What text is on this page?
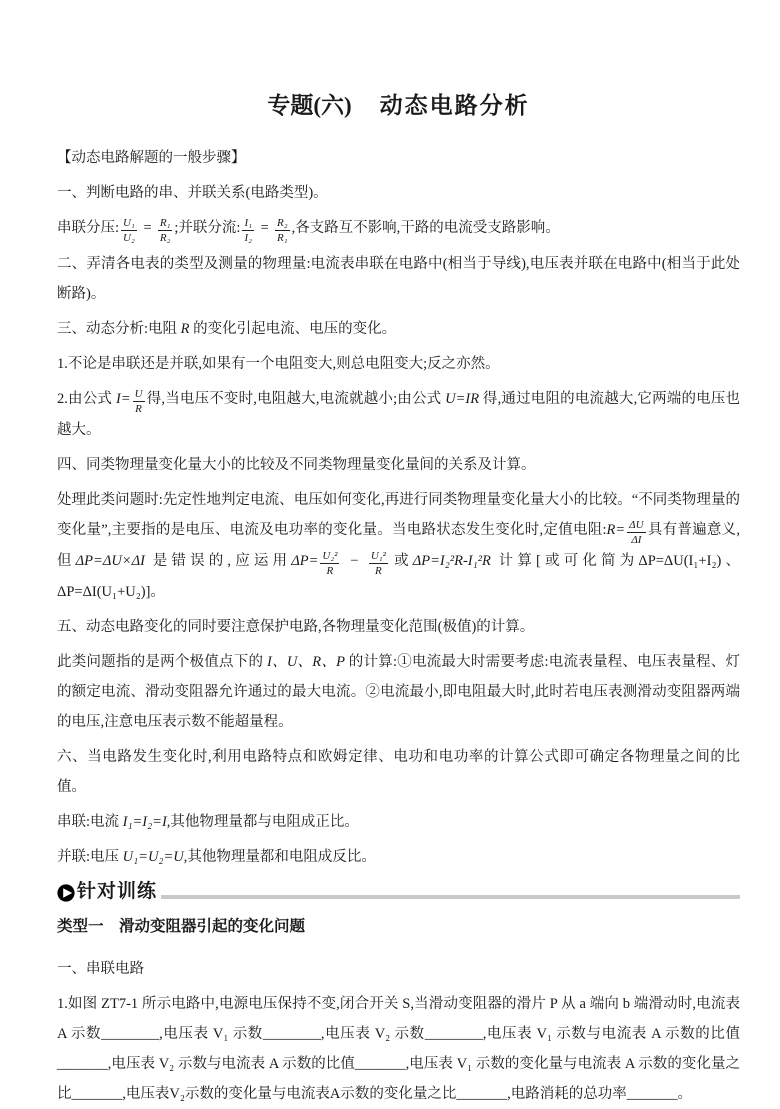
专题(六) 动态电路分析

【动态电路解题的一般步骤】

一、判断电路的串、并联关系(电路类型)。

串联分压: $\frac{\text{U₁}}{\text{U₂}} = \frac{\text{R₁}}{\text{R₂}}$ ;并联分流: $\frac{\text{I₁}}{\text{I₂}} = \frac{\text{R₂}}{\text{R₁}}$ ,各支路互不影响,干路的电流受支路影响。

二、弄清各电表的类型及测量的物理量:电流表串联在电路中(相当于导线),电压表并联在电路中(相当于此处断路)。

三、动态分析:电阻 R 的变化引起电流、电压的变化。

1.不论是串联还是并联,如果有一个电阻变大,则总电阻变大;反之亦然。

2.由公式 $I= \frac{U}{R}$ 得,当电压不变时,电阻越大,电流就越小;由公式 U=IR 得,通过电阻的电流越大,它两端的电压也越大。

四、同类物理量变化量大小的比较及不同类物理量变化量间的关系及计算。

处理此类问题时:先定性地判定电流、电压如何变化,再进行同类物理量变化量大小的比较。“不同类物理量的变化量”,主要指的是电压、电流及电功率的变化量。当电路状态发生变化时,定值电阻:R= $\frac{\Delta U}{\Delta I}$ 具有普遍意义,但ΔP=ΔU×ΔI 是错误的,应运用$\Delta P= \frac{\text{U₂²}}{R} - \frac{\text{U₁²}}{R}$ 或ΔP=I₂²R-I₁²R 计算[或可化简为ΔP=ΔU(I₁+I₂)、ΔP=ΔI(U₁+U₂)]。

五、动态电路变化的同时要注意保护电路,各物理量变化范围(极值)的计算。

此类问题指的是两个极值点下的 I、U、R、P 的计算:①电流最大时需要考虑:电流表量程、电压表量程、灯的额定电流、滑动变阻器允许通过的最大电流。②电流最小,即电阻最大时,此时若电压表测滑动变阻器两端的电压,注意电压表示数不能超量程。

六、当电路发生变化时,利用电路特点和欧姆定律、电功和电功率的计算公式即可确定各物理量之间的比值。

串联:电流 I₁=I₂=I,其他物理量都与电阻成正比。

并联:电压 U₁=U₂=U,其他物理量都和电阻成反比。

针对训练
类型一　滑动变阻器引起的变化问题

一、串联电路

1.如图 ZT7-1 所示电路中,电源电压保持不变,闭合开关 S,当滑动变阻器的滑片 P 从 a 端向 b 端滑动时,电流表 A 示数________,电压表 V₁ 示数________,电压表 V₂ 示数________,电压表 V₁ 示数与电流表 A 示数的比值_______,电压表 V₂ 示数与电流表 A 示数的比值_______,电压表 V₁ 示数的变化量与电流表 A 示数的变化量之比_______,电压表V₂示数的变化量与电流表A示数的变化量之比_______,电路消耗的总功率_______。
